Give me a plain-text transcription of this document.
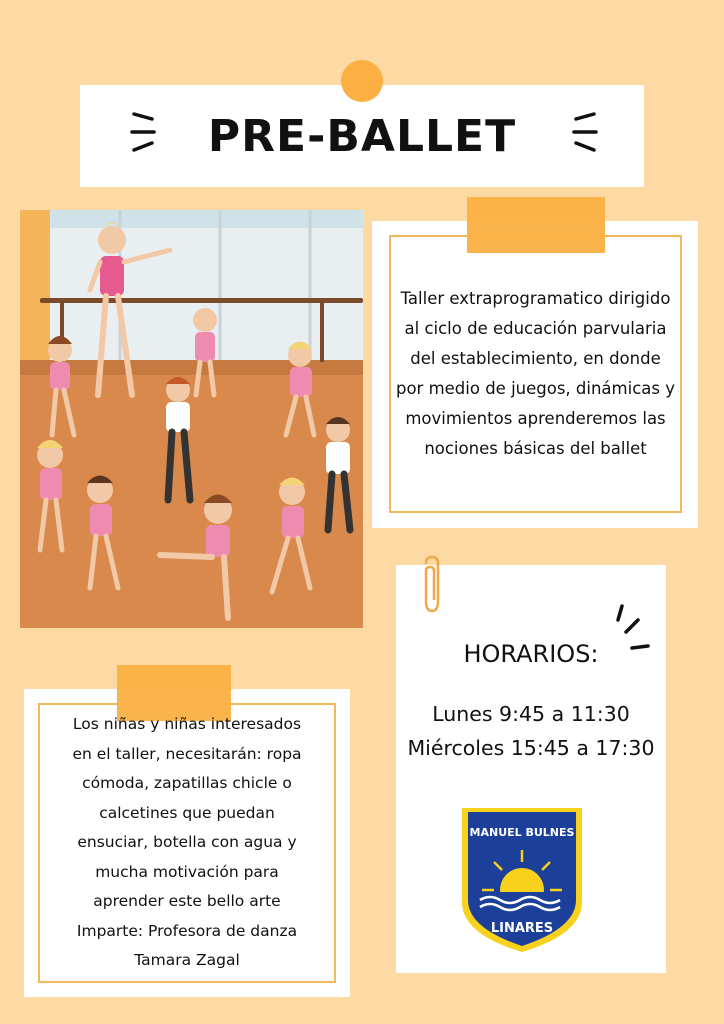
PRE-BALLET
Taller extraprogramatico dirigido al ciclo de educación parvularia del establecimiento, en donde por medio de juegos, dinámicas y movimientos aprenderemos las nociones básicas del ballet
HORARIOS:
Lunes 9:45 a 11:30
Miércoles 15:45 a 17:30
MANUEL BULNES
LINARES
Los niñas y niñas interesados
en el taller, necesitarán: ropa
cómoda, zapatillas chicle o
calcetines que puedan
ensuciar, botella con agua y
mucha motivación para
aprender este bello arte
Imparte: Profesora de danza
Tamara Zagal
